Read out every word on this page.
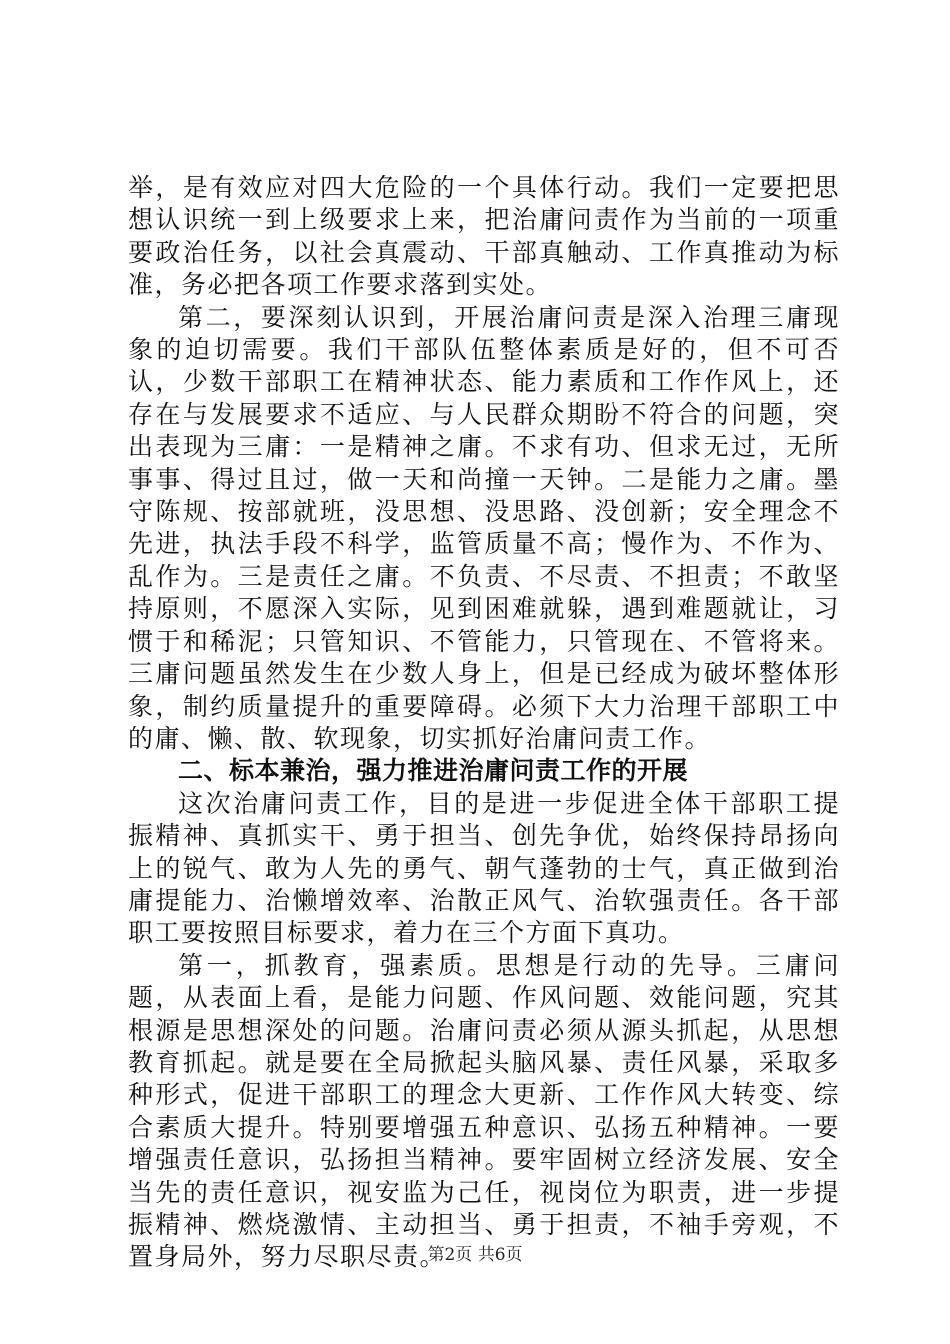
举，是有效应对四大危险的一个具体行动。我们一定要把思想认识统一到上级要求上来，把治庸问责作为当前的一项重要政治任务，以社会真震动、干部真触动、工作真推动为标准，务必把各项工作要求落到实处。

第二，要深刻认识到，开展治庸问责是深入治理三庸现象的迫切需要。我们干部队伍整体素质是好的，但不可否认，少数干部职工在精神状态、能力素质和工作作风上，还存在与发展要求不适应、与人民群众期盼不符合的问题，突出表现为三庸：一是精神之庸。不求有功、但求无过，无所事事、得过且过，做一天和尚撞一天钟。二是能力之庸。墨守陈规、按部就班，没思想、没思路、没创新；安全理念不先进，执法手段不科学，监管质量不高；慢作为、不作为、乱作为。三是责任之庸。不负责、不尽责、不担责；不敢坚持原则，不愿深入实际，见到困难就躲，遇到难题就让，习惯于和稀泥；只管知识、不管能力，只管现在、不管将来。三庸问题虽然发生在少数人身上，但是已经成为破坏整体形象，制约质量提升的重要障碍。必须下大力治理干部职工中的庸、懒、散、软现象，切实抓好治庸问责工作。

二、标本兼治，强力推进治庸问责工作的开展

这次治庸问责工作，目的是进一步促进全体干部职工提振精神、真抓实干、勇于担当、创先争优，始终保持昂扬向上的锐气、敢为人先的勇气、朝气蓬勃的士气，真正做到治庸提能力、治懒增效率、治散正风气、治软强责任。各干部职工要按照目标要求，着力在三个方面下真功。

第一，抓教育，强素质。思想是行动的先导。三庸问题，从表面上看，是能力问题、作风问题、效能问题，究其根源是思想深处的问题。治庸问责必须从源头抓起，从思想教育抓起。就是要在全局掀起头脑风暴、责任风暴，采取多种形式，促进干部职工的理念大更新、工作作风大转变、综合素质大提升。特别要增强五种意识、弘扬五种精神。一要增强责任意识，弘扬担当精神。要牢固树立经济发展、安全当先的责任意识，视安监为己任，视岗位为职责，进一步提振精神、燃烧激情、主动担当、勇于担责，不袖手旁观，不置身局外，努力尽职尽责。

第2页 共6页
